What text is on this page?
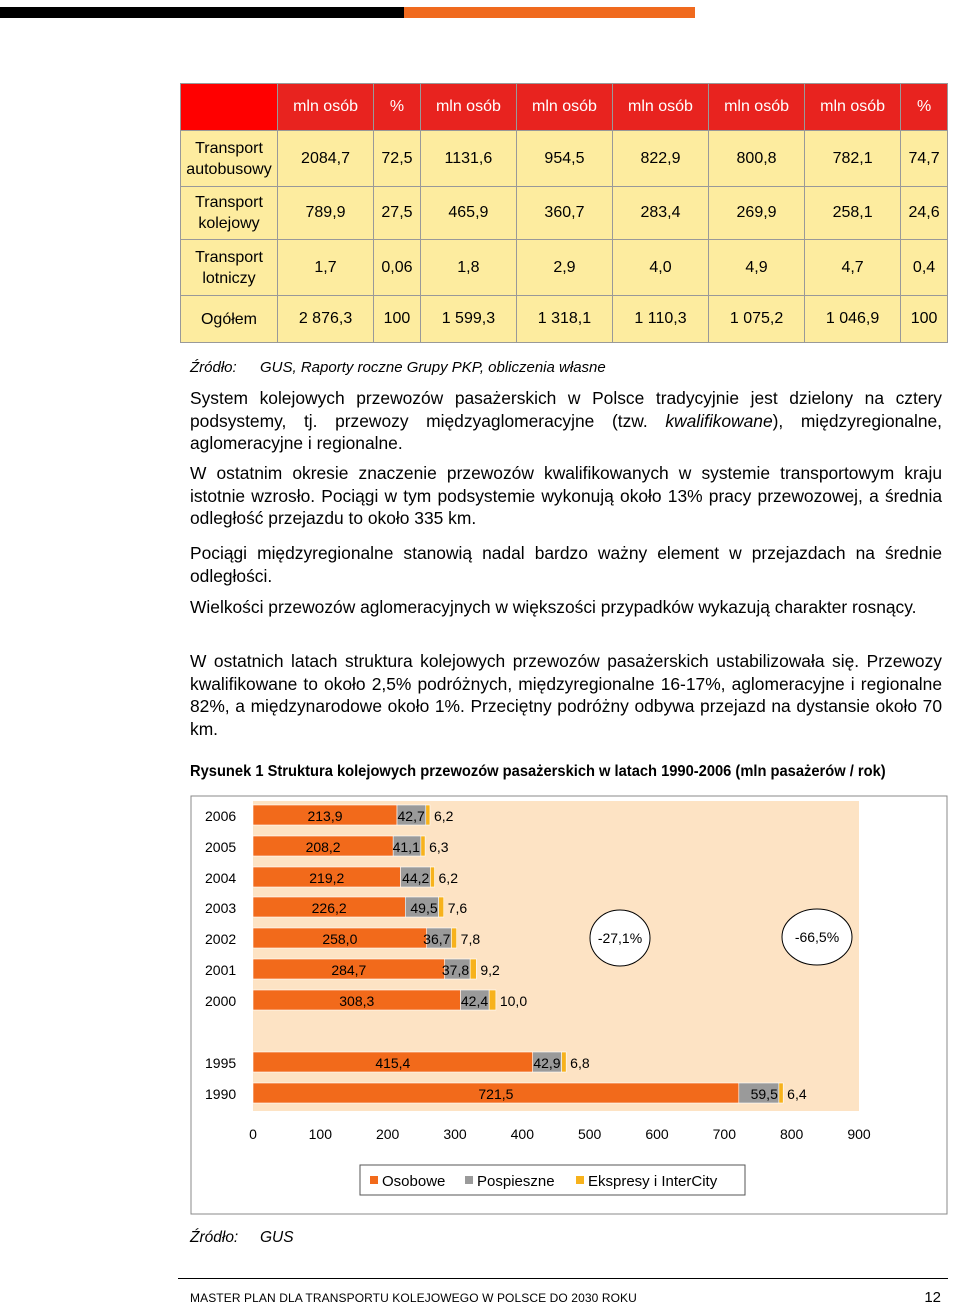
	mln osób	%	mln osób	mln osób	mln osób	mln osób	mln osób	%
Transport autobusowy	2084,7	72,5	1131,6	954,5	822,9	800,8	782,1	74,7
Transport kolejowy	789,9	27,5	465,9	360,7	283,4	269,9	258,1	24,6
Transport lotniczy	1,7	0,06	1,8	2,9	4,0	4,9	4,7	0,4
Ogółem	2 876,3	100	1 599,3	1 318,1	1 110,3	1 075,2	1 046,9	100
Źródło: GUS, Raporty roczne Grupy PKP, obliczenia własne
System kolejowych przewozów pasażerskich w Polsce tradycyjnie jest dzielony na cztery podsystemy, tj. przewozy międzyaglomeracyjne (tzw. kwalifikowane), międzyregionalne, aglomeracyjne i regionalne.
W ostatnim okresie znaczenie przewozów kwalifikowanych w systemie transportowym kraju istotnie wzrosło. Pociągi w tym podsystemie wykonują około 13% pracy przewozowej, a średnia odległość przejazdu to około 335 km.
Pociągi międzyregionalne stanowią nadal bardzo ważny element w przejazdach na średnie odległości.
Wielkości przewozów aglomeracyjnych w większości przypadków wykazują charakter rosnący.
W ostatnich latach struktura kolejowych przewozów pasażerskich ustabilizowała się. Przewozy kwalifikowane to około 2,5% podróżnych, międzyregionalne 16-17%, aglomeracyjne i regionalne 82%, a międzynarodowe około 1%. Przeciętny podróżny odbywa przejazd na dystansie około 70 km.
Rysunek 1 Struktura kolejowych przewozów pasażerskich w latach 1990-2006 (mln pasażerów / rok)
2006
2005
2004
2003
2002
2001
2000
1995
1990
213,9	42,7 6,2
208,2	41,1 6,3
219,2	44,2 6,2
226,2	49,5 7,6
258,0	36,7 7,8
284,7	37,8 9,2
308,3	42,4 10,0
415,4	42,9 6,8
721,5	59,5 6,4
-27,1%	-66,5%
0	100	200	300	400	500	600	700	800	900
Osobowe Pospieszne Ekspresy i InterCity
Źródło: GUS
MASTER PLAN DLA TRANSPORTU KOLEJOWEGO W POLSCE DO 2030 ROKU	12
